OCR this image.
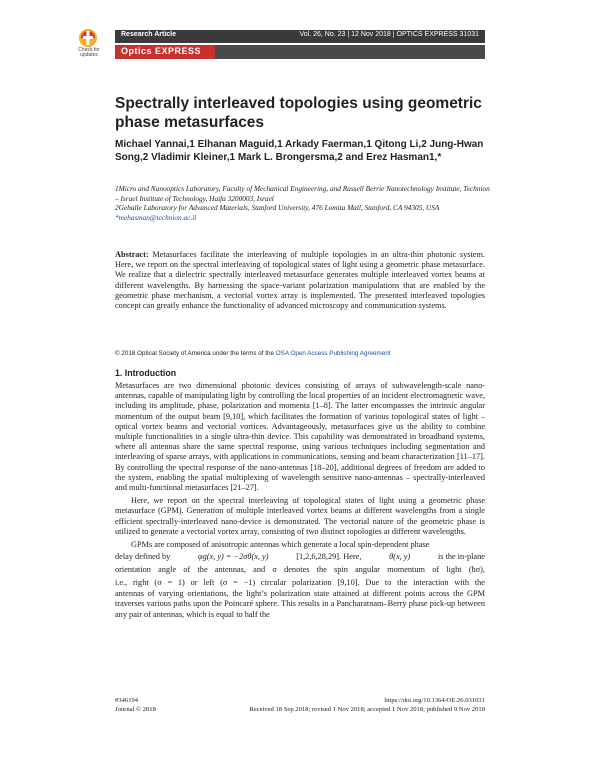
Check for updates
Research Article	Vol. 26, No. 23 | 12 Nov 2018 | OPTICS EXPRESS 31031
Optics EXPRESS
Spectrally interleaved topologies using geometric phase metasurfaces
Michael Yannai,1 Elhanan Maguid,1 Arkady Faerman,1 Qitong Li,2 Jung-Hwan Song,2 Vladimir Kleiner,1 Mark L. Brongersma,2 and Erez Hasman1,*
1Micro and Nanooptics Laboratory, Faculty of Mechanical Engineering, and Russell Berrie Nanotechnology Institute, Technion – Israel Institute of Technology, Haifa 3200003, Israel
2Geballe Laboratory for Advanced Materials, Stanford University, 476 Lomita Mall, Stanford, CA 94305, USA
*mehasman@technion.ac.il
Abstract: Metasurfaces facilitate the interleaving of multiple topologies in an ultra-thin photonic system. Here, we report on the spectral interleaving of topological states of light using a geometric phase metasurface. We realize that a dielectric spectrally interleaved metasurface generates multiple interleaved vortex beams at different wavelengths. By harnessing the space-variant polarization manipulations that are enabled by the geometric phase mechanism, a vectorial vortex array is implemented. The presented interleaved topologies concept can greatly enhance the functionality of advanced microscopy and communication systems.
© 2018 Optical Society of America under the terms of the OSA Open Access Publishing Agreement
1. Introduction

Metasurfaces are two dimensional photonic devices consisting of arrays of subwavelength-scale nano-antennas, capable of manipulating light by controlling the local properties of an incident electromagnetic wave, including its amplitude, phase, polarization and momenta [1–8]. The latter encompasses the intrinsic angular momentum of the output beam [9,10], which facilitates the formation of various topological states of light – optical vortex beams and vectorial vortices. Advantageously, metasurfaces give us the ability to combine multiple functionalities in a single ultra-thin device. This capability was demonstrated in broadband systems, where all antennas share the same spectral response, using various techniques including segmentation and interleaving of sparse arrays, with applications in communications, sensing and beam characterization [11–17]. By controlling the spectral response of the nano-antennas [18–20], additional degrees of freedom are added to the system, enabling the spatial multiplexing of wavelength sensitive nano-antennas – spectrally-interleaved and multi-functional metasurfaces [21–27].

Here, we report on the spectral interleaving of topological states of light using a geometric phase metasurface (GPM). Generation of multiple interleaved vortex beams at different wavelengths from a single efficient spectrally-interleaved nano-device is demonstrated. The vectorial nature of the geometric phase is utilized to generate a vectorial vortex array, consisting of two distinct topologies at different wavelengths.

GPMs are composed of anisotropic antennas which generate a local spin-dependent phase

delay defined by	φg(x, y) = −2σθ(x, y)	[1,2,6,28,29]. Here,	θ(x, y)	is the in-plane
orientation angle of the antennas, and σ denotes the spin angular momentum of light (ħσ),
i.e., right (σ = 1) or left (σ = −1) circular polarization [9,10]. Due to the interaction with the
antennas of varying orientations, the light’s polarization state attained at different points across the GPM traverses various paths upon the Poincaré sphere. This results in a Pancharatnam–Berry phase pick-up between any pair of antennas, which is equal to half the
#346194	https://doi.org/10.1364/OE.26.031031
Journal © 2018	Received 18 Sep 2018; revised 1 Nov 2018; accepted 1 Nov 2018; published 9 Nov 2018
